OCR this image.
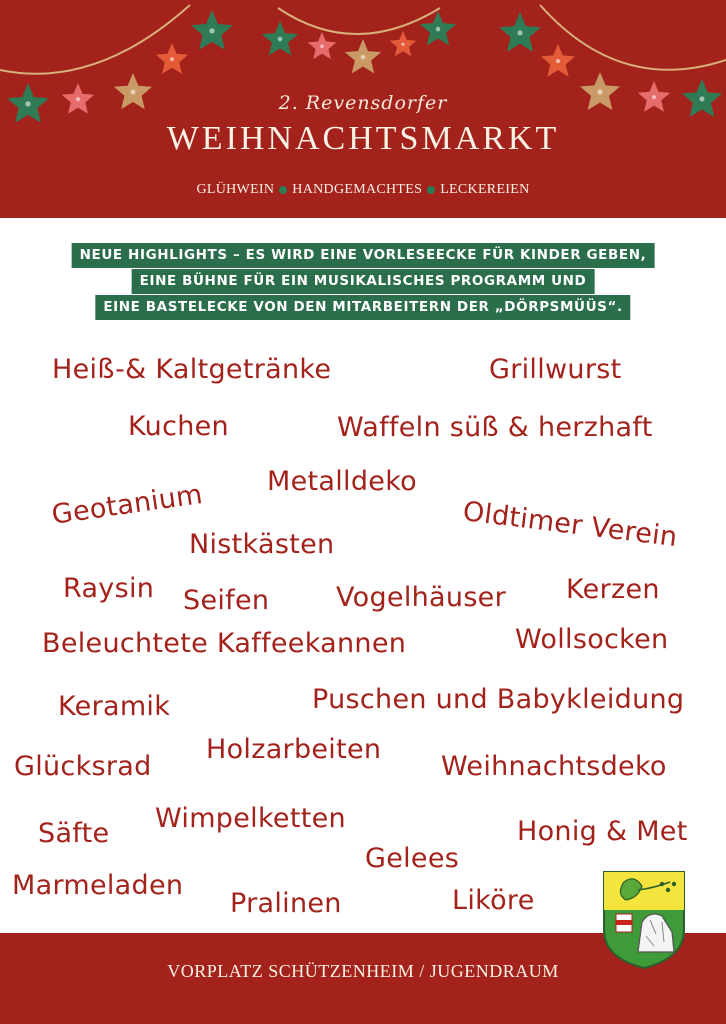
2. Revensdorfer
WEIHNACHTSMARKT
GLÜHWEIN HANDGEMACHTES LECKEREIEN
NEUE HIGHLIGHTS – ES WIRD EINE VORLESEECKE FÜR KINDER GEBEN,
EINE BÜHNE FÜR EIN MUSIKALISCHES PROGRAMM UND
EINE BASTELECKE VON DEN MITARBEITERN DER „DÖRPSMÜÜS“.
Heiß-& Kaltgetränke	Grillwurst
Kuchen	Waffeln süß & herzhaft
Geotanium Metalldeko
Oldtimer Verein
Nistkästen
Raysin Seifen Vogelhäuser Kerzen
Beleuchtete Kaffeekannen	Wollsocken
Keramik	Puschen und Babykleidung
Glücksrad
Holzarbeiten
Weihnachtsdeko
Säfte Wimpelketten	Honig & Met
Gelees
Marmeladen
Pralinen	Liköre
VORPLATZ SCHÜTZENHEIM / JUGENDRAUM
